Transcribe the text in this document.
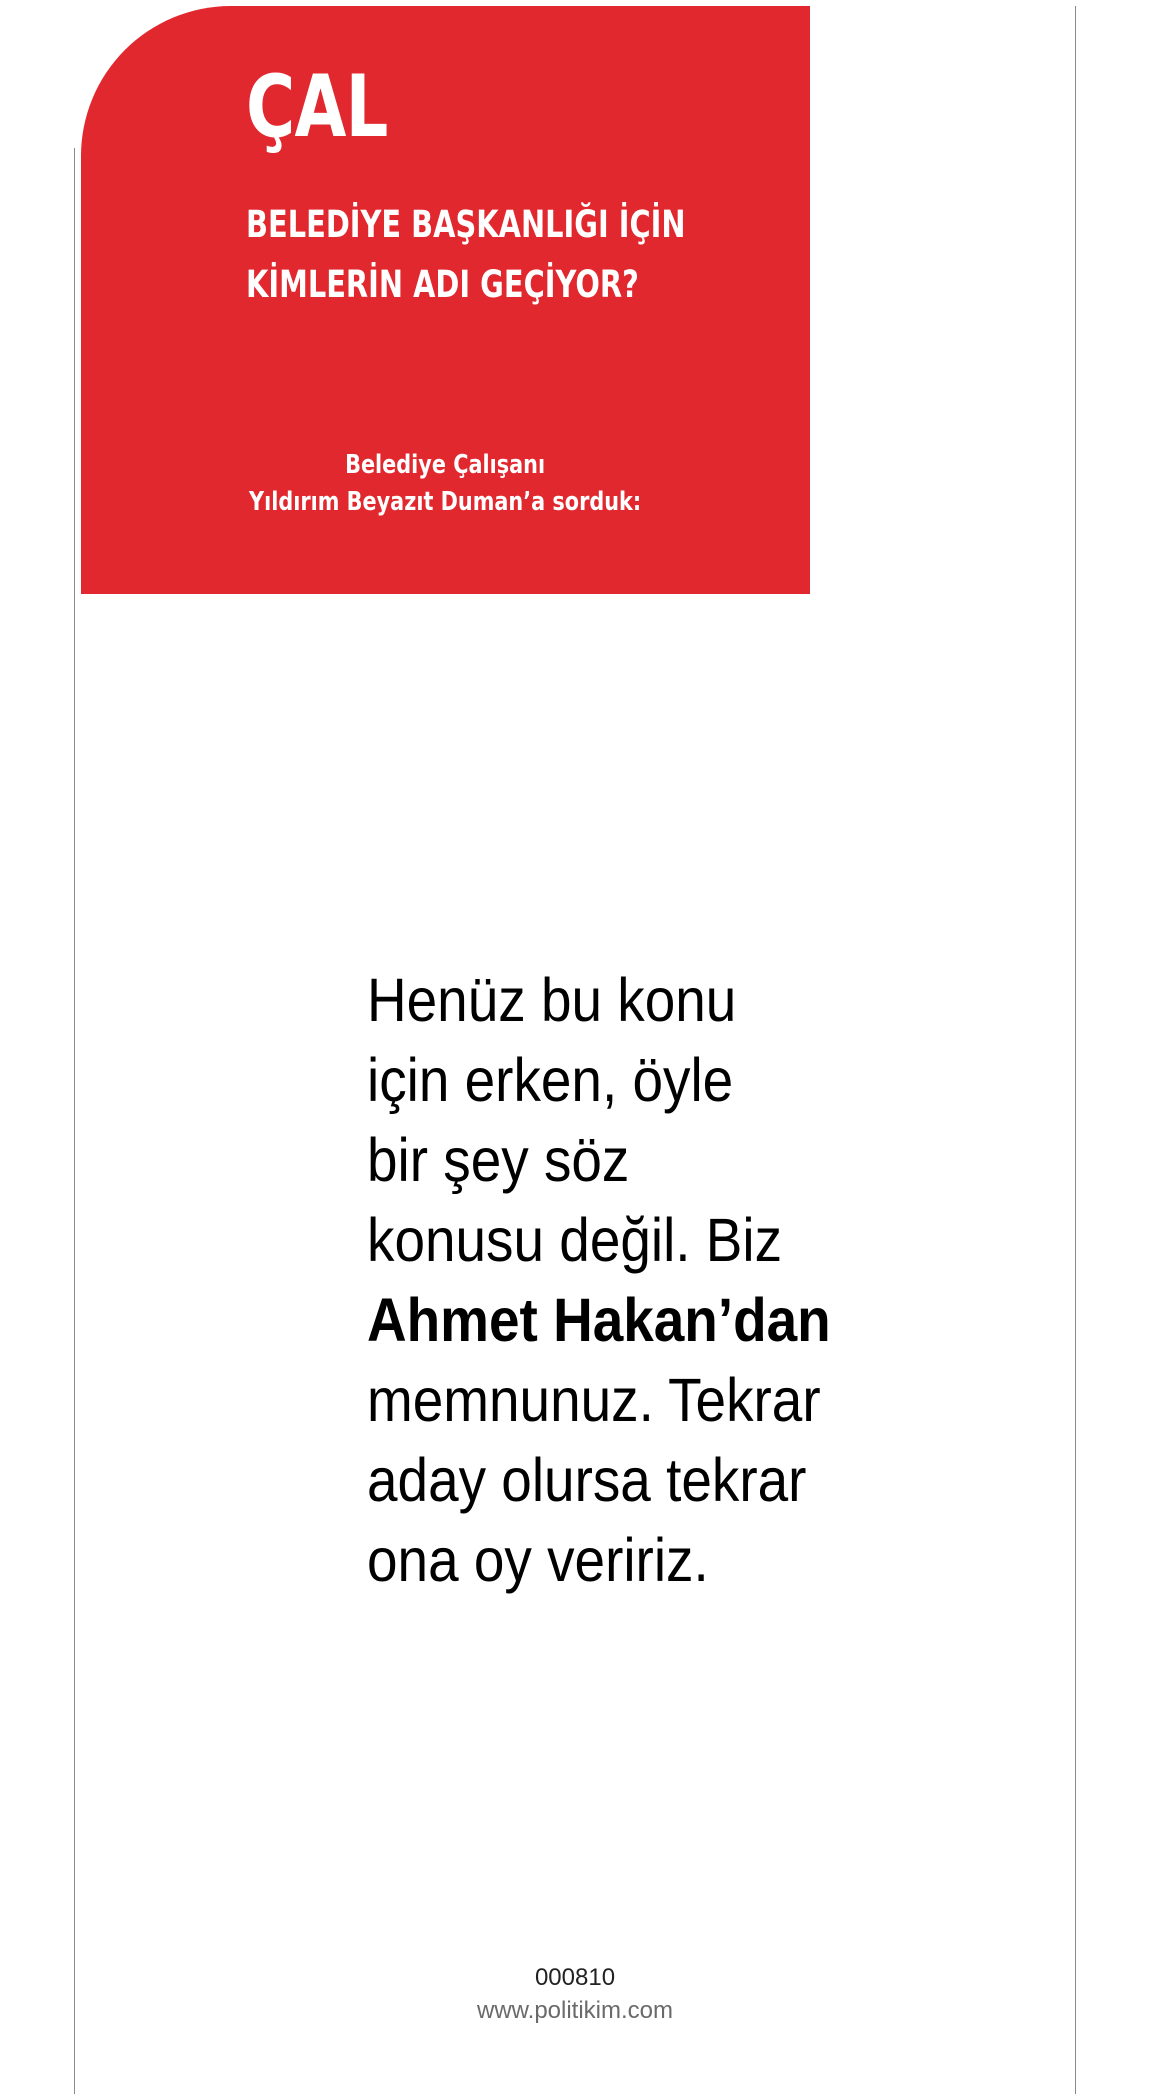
ÇAL
BELEDİYE BAŞKANLIĞI İÇİN
KİMLERİN ADI GEÇİYOR?
Belediye Çalışanı
Yıldırım Beyazıt Duman’a sorduk:
Henüz bu konu
için erken, öyle
bir şey söz
konusu değil. Biz
Ahmet Hakan’dan
memnunuz. Tekrar
aday olursa tekrar
ona oy veririz.
000810
www.politikim.com
